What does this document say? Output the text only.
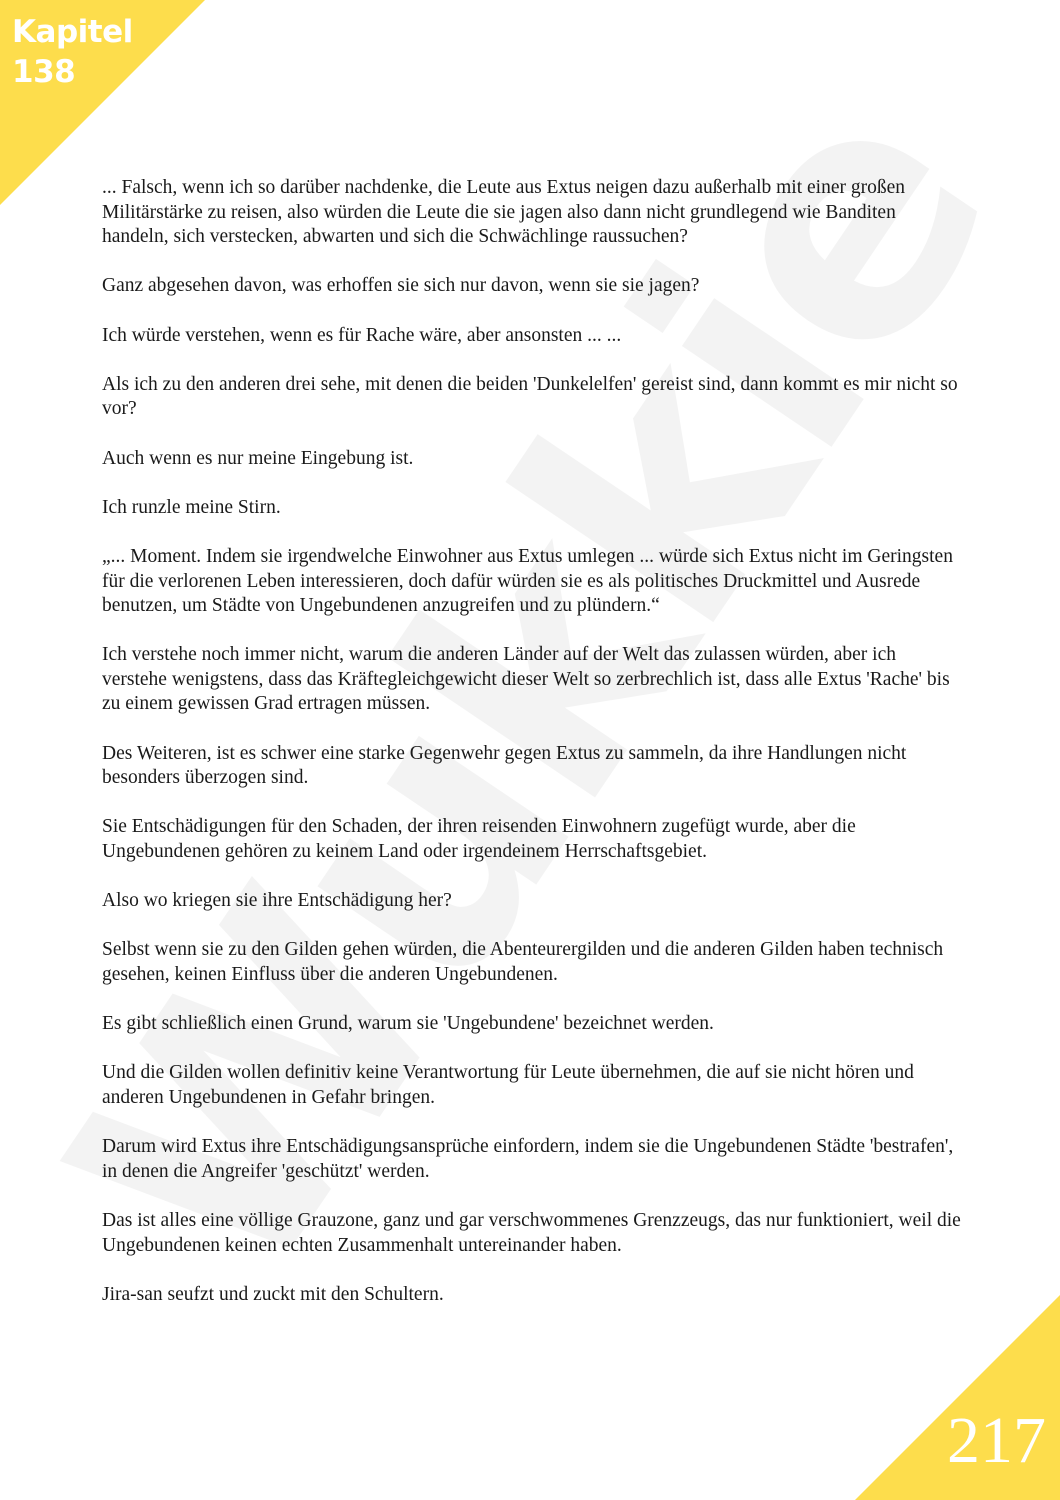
Kapitel
138

... Falsch, wenn ich so darüber nachdenke, die Leute aus Extus neigen dazu außerhalb mit einer großen Militärstärke zu reisen, also würden die Leute die sie jagen also dann nicht grundlegend wie Banditen handeln, sich verstecken, abwarten und sich die Schwächlinge raussuchen?

Ganz abgesehen davon, was erhoffen sie sich nur davon, wenn sie sie jagen?

Ich würde verstehen, wenn es für Rache wäre, aber ansonsten ... ...

Als ich zu den anderen drei sehe, mit denen die beiden 'Dunkelelfen' gereist sind, dann kommt es mir nicht so vor?

Auch wenn es nur meine Eingebung ist.

Ich runzle meine Stirn.

„... Moment. Indem sie irgendwelche Einwohner aus Extus umlegen ... würde sich Extus nicht im Geringsten für die verlorenen Leben interessieren, doch dafür würden sie es als politisches Druckmittel und Ausrede benutzen, um Städte von Ungebundenen anzugreifen und zu plündern.“

Ich verstehe noch immer nicht, warum die anderen Länder auf der Welt das zulassen würden, aber ich verstehe wenigstens, dass das Kräftegleichgewicht dieser Welt so zerbrechlich ist, dass alle Extus 'Rache' bis zu einem gewissen Grad ertragen müssen.

Des Weiteren, ist es schwer eine starke Gegenwehr gegen Extus zu sammeln, da ihre Handlungen nicht besonders überzogen sind.

Sie Entschädigungen für den Schaden, der ihren reisenden Einwohnern zugefügt wurde, aber die Ungebundenen gehören zu keinem Land oder irgendeinem Herrschaftsgebiet.

Also wo kriegen sie ihre Entschädigung her?

Selbst wenn sie zu den Gilden gehen würden, die Abenteurergilden und die anderen Gilden haben technisch gesehen, keinen Einfluss über die anderen Ungebundenen.

Es gibt schließlich einen Grund, warum sie 'Ungebundene' bezeichnet werden.

Und die Gilden wollen definitiv keine Verantwortung für Leute übernehmen, die auf sie nicht hören und anderen Ungebundenen in Gefahr bringen.

Darum wird Extus ihre Entschädigungsansprüche einfordern, indem sie die Ungebundenen Städte 'bestrafen', in denen die Angreifer 'geschützt' werden.

Das ist alles eine völlige Grauzone, ganz und gar verschwommenes Grenzzeugs, das nur funktioniert, weil die Ungebundenen keinen echten Zusammenhalt untereinander haben.

Jira-san seufzt und zuckt mit den Schultern.

217
